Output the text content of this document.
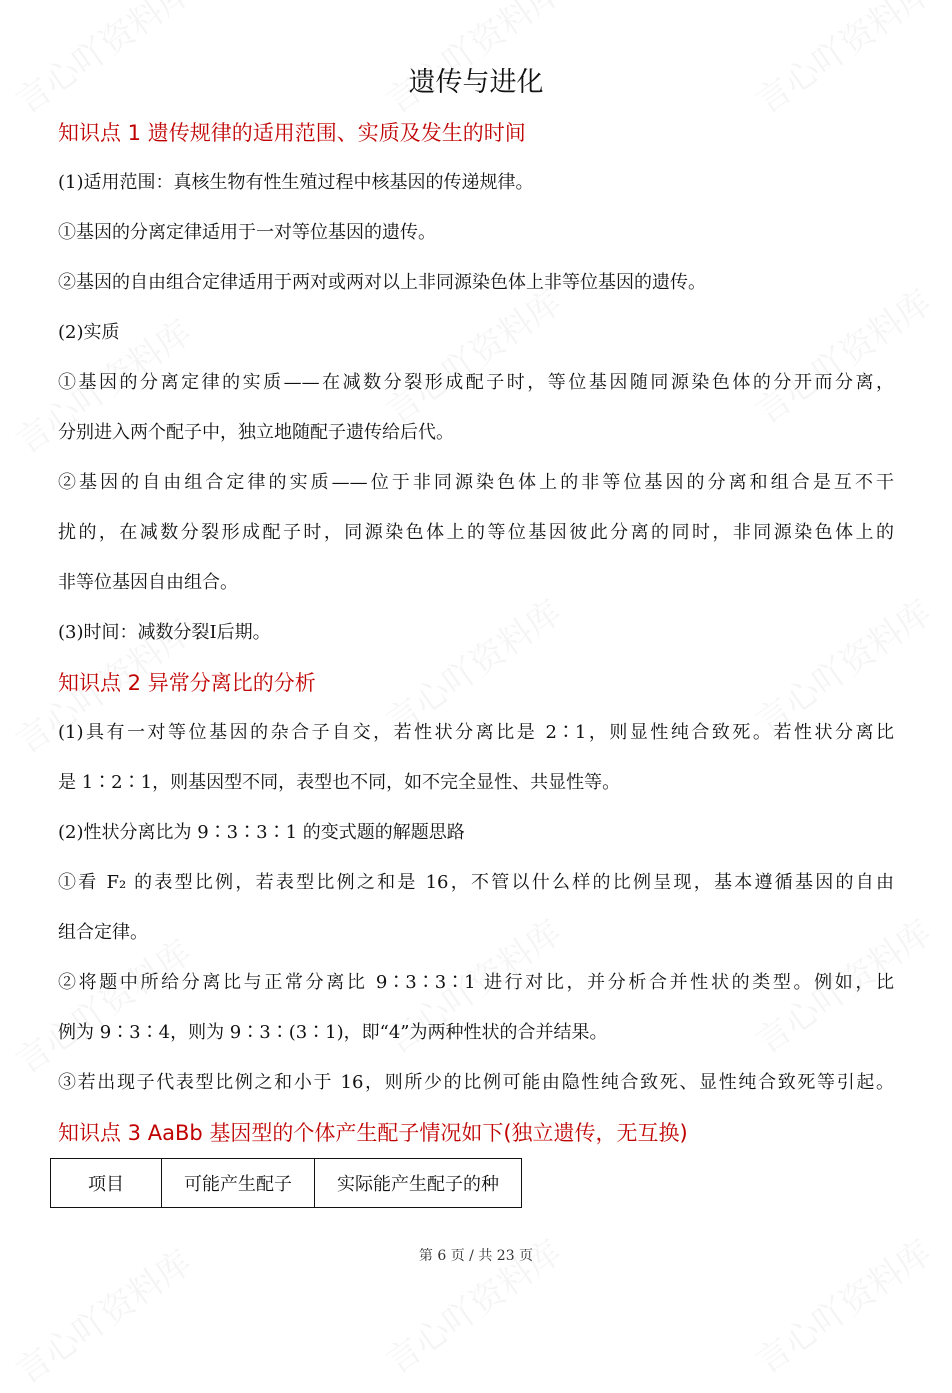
遗传与进化
知识点 1 遗传规律的适用范围、实质及发生的时间
(1)适用范围：真核生物有性生殖过程中核基因的传递规律。
①基因的分离定律适用于一对等位基因的遗传。
②基因的自由组合定律适用于两对或两对以上非同源染色体上非等位基因的遗传。
(2)实质
①基因的分离定律的实质——在减数分裂形成配子时，等位基因随同源染色体的分开而分离，
分别进入两个配子中，独立地随配子遗传给后代。
②基因的自由组合定律的实质——位于非同源染色体上的非等位基因的分离和组合是互不干
扰的，在减数分裂形成配子时，同源染色体上的等位基因彼此分离的同时，非同源染色体上的
非等位基因自由组合。
(3)时间：减数分裂Ⅰ后期。
知识点 2 异常分离比的分析
(1)具有一对等位基因的杂合子自交，若性状分离比是 2∶1，则显性纯合致死。若性状分离比
是 1∶2∶1，则基因型不同，表型也不同，如不完全显性、共显性等。
(2)性状分离比为 9∶3∶3∶1 的变式题的解题思路
①看 F₂ 的表型比例，若表型比例之和是 16，不管以什么样的比例呈现，基本遵循基因的自由
组合定律。
②将题中所给分离比与正常分离比 9∶3∶3∶1 进行对比，并分析合并性状的类型。例如，比
例为 9∶3∶4，则为 9∶3∶(3∶1)，即“4”为两种性状的合并结果。
③若出现子代表型比例之和小于 16，则所少的比例可能由隐性纯合致死、显性纯合致死等引起。
知识点 3 AaBb 基因型的个体产生配子情况如下(独立遗传，无互换)
项目	可能产生配子	实际能产生配子的种
第 6 页 / 共 23 页
